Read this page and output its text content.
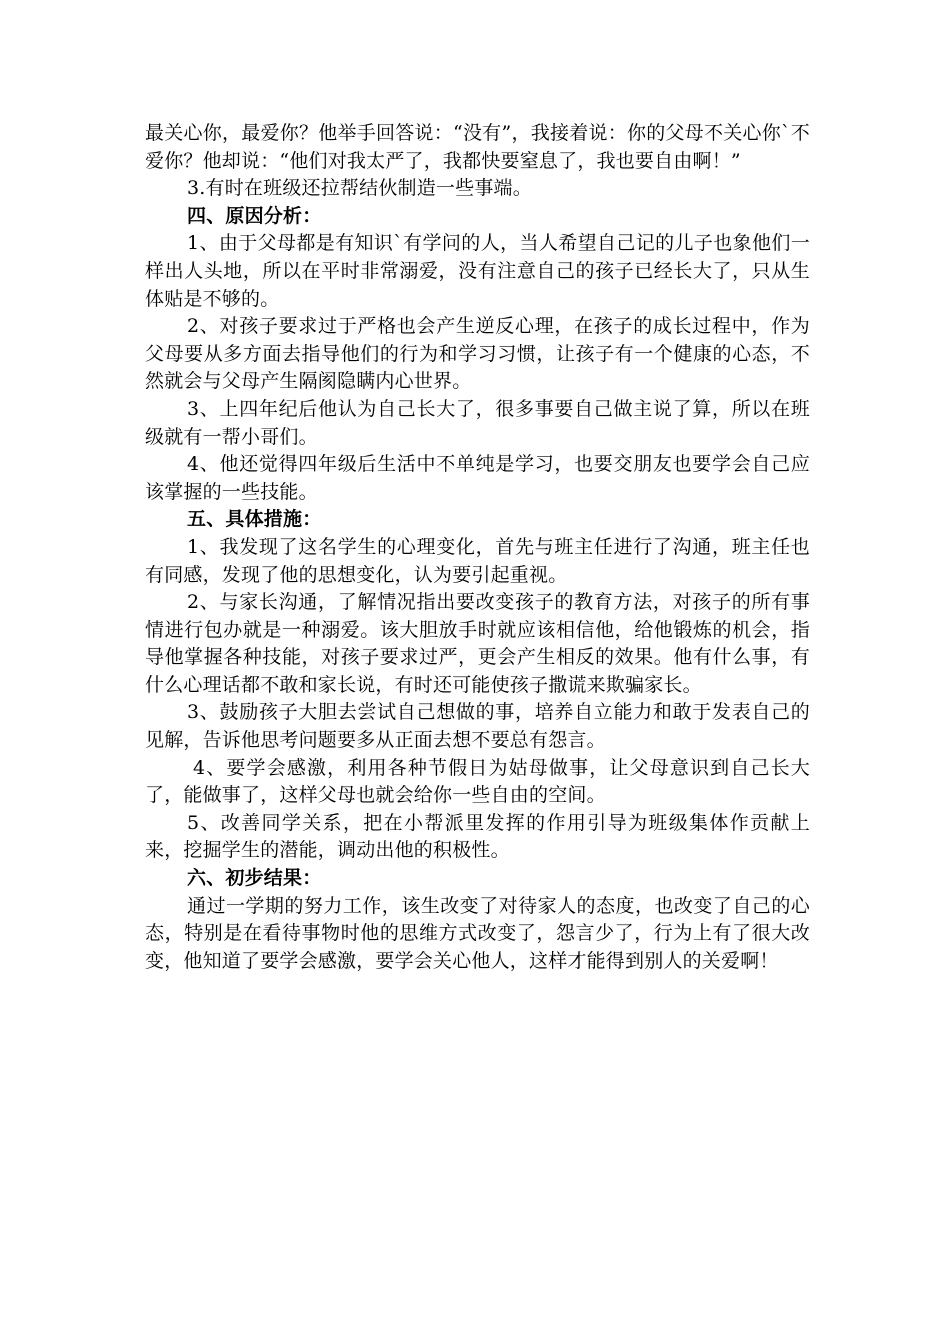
最关心你，最爱你？他举手回答说：“没有”，我接着说：你的父母不关心你`不爱你？他却说：“他们对我太严了，我都快要窒息了，我也要自由啊！”

3.有时在班级还拉帮结伙制造一些事端。

四、原因分析：

1、由于父母都是有知识`有学问的人，当人希望自己记的儿子也象他们一样出人头地，所以在平时非常溺爱，没有注意自己的孩子已经长大了，只从生体贴是不够的。

2、对孩子要求过于严格也会产生逆反心理，在孩子的成长过程中，作为父母要从多方面去指导他们的行为和学习习惯，让孩子有一个健康的心态，不然就会与父母产生隔阂隐瞒内心世界。

3、上四年纪后他认为自己长大了，很多事要自己做主说了算，所以在班级就有一帮小哥们。

4、他还觉得四年级后生活中不单纯是学习，也要交朋友也要学会自己应该掌握的一些技能。

五、具体措施：

1、我发现了这名学生的心理变化，首先与班主任进行了沟通，班主任也有同感，发现了他的思想变化，认为要引起重视。

2、与家长沟通，了解情况指出要改变孩子的教育方法，对孩子的所有事情进行包办就是一种溺爱。该大胆放手时就应该相信他，给他锻炼的机会，指导他掌握各种技能，对孩子要求过严，更会产生相反的效果。他有什么事，有什么心理话都不敢和家长说，有时还可能使孩子撒谎来欺骗家长。

3、鼓励孩子大胆去尝试自己想做的事，培养自立能力和敢于发表自己的见解，告诉他思考问题要多从正面去想不要总有怨言。

4、要学会感激，利用各种节假日为姑母做事，让父母意识到自己长大了，能做事了，这样父母也就会给你一些自由的空间。

5、改善同学关系，把在小帮派里发挥的作用引导为班级集体作贡献上来，挖掘学生的潜能，调动出他的积极性。

六、初步结果：

通过一学期的努力工作，该生改变了对待家人的态度，也改变了自己的心态，特别是在看待事物时他的思维方式改变了，怨言少了，行为上有了很大改变，他知道了要学会感激，要学会关心他人，这样才能得到别人的关爱啊！
